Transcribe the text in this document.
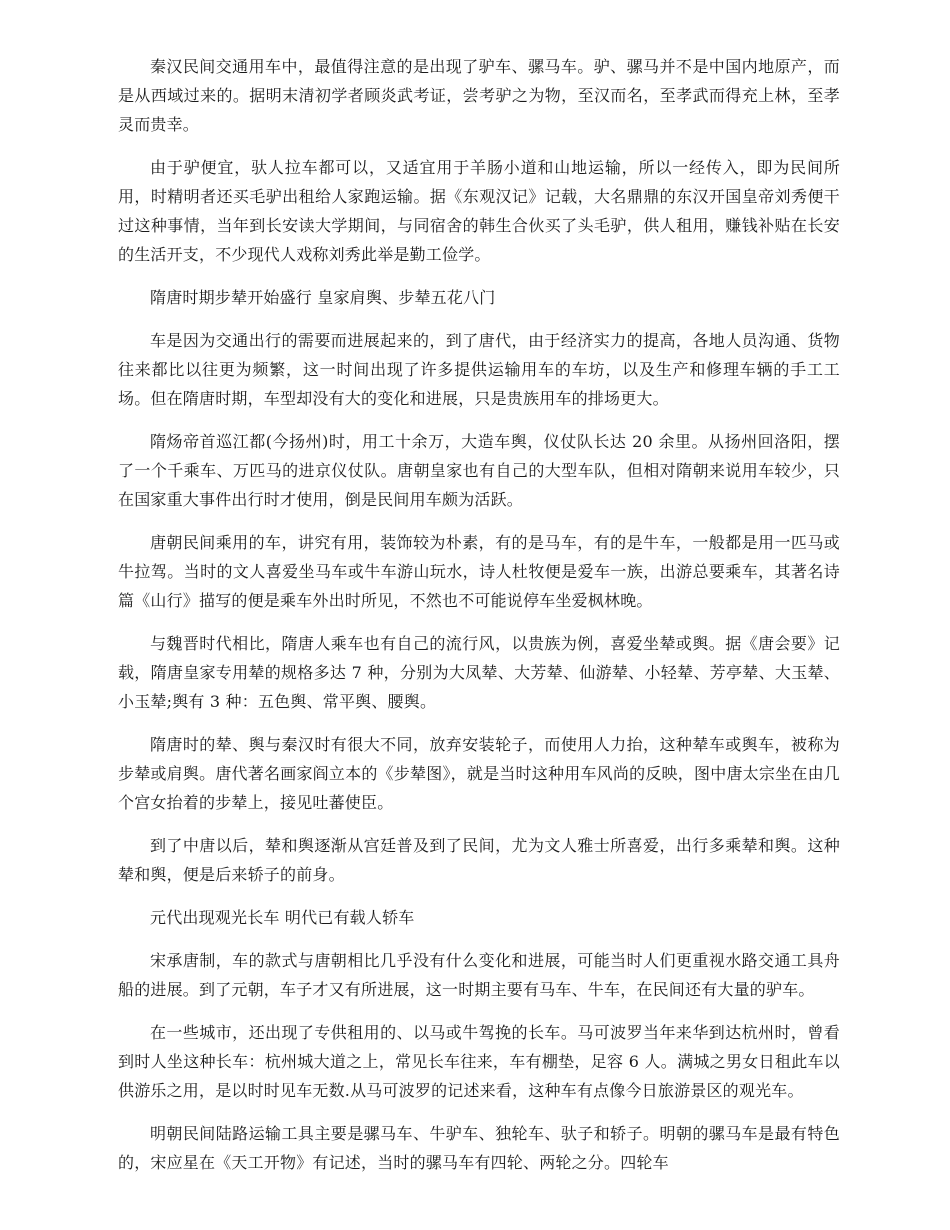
秦汉民间交通用车中，最值得注意的是出现了驴车、骡马车。驴、骡马并不是中国内地原产，而是从西域过来的。据明末清初学者顾炎武考证，尝考驴之为物，至汉而名，至孝武而得充上林，至孝灵而贵幸。

由于驴便宜，驮人拉车都可以，又适宜用于羊肠小道和山地运输，所以一经传入，即为民间所用，时精明者还买毛驴出租给人家跑运输。据《东观汉记》记载，大名鼎鼎的东汉开国皇帝刘秀便干过这种事情，当年到长安读大学期间，与同宿舍的韩生合伙买了头毛驴，供人租用，赚钱补贴在长安的生活开支，不少现代人戏称刘秀此举是勤工俭学。

隋唐时期步辇开始盛行 皇家肩舆、步辇五花八门

车是因为交通出行的需要而进展起来的，到了唐代，由于经济实力的提高，各地人员沟通、货物往来都比以往更为频繁，这一时间出现了许多提供运输用车的车坊，以及生产和修理车辆的手工工场。但在隋唐时期，车型却没有大的变化和进展，只是贵族用车的排场更大。

隋炀帝首巡江都(今扬州)时，用工十余万，大造车舆，仪仗队长达 20 余里。从扬州回洛阳，摆了一个千乘车、万匹马的进京仪仗队。唐朝皇家也有自己的大型车队，但相对隋朝来说用车较少，只在国家重大事件出行时才使用，倒是民间用车颇为活跃。

唐朝民间乘用的车，讲究有用，装饰较为朴素，有的是马车，有的是牛车，一般都是用一匹马或牛拉驾。当时的文人喜爱坐马车或牛车游山玩水，诗人杜牧便是爱车一族，出游总要乘车，其著名诗篇《山行》描写的便是乘车外出时所见，不然也不可能说停车坐爱枫林晚。

与魏晋时代相比，隋唐人乘车也有自己的流行风，以贵族为例，喜爱坐辇或舆。据《唐会要》记载，隋唐皇家专用辇的规格多达 7 种，分别为大凤辇、大芳辇、仙游辇、小轻辇、芳亭辇、大玉辇、小玉辇;舆有 3 种：五色舆、常平舆、腰舆。

隋唐时的辇、舆与秦汉时有很大不同，放弃安装轮子，而使用人力抬，这种辇车或舆车，被称为步辇或肩舆。唐代著名画家阎立本的《步辇图》，就是当时这种用车风尚的反映，图中唐太宗坐在由几个宫女抬着的步辇上，接见吐蕃使臣。

到了中唐以后，辇和舆逐渐从宫廷普及到了民间，尤为文人雅士所喜爱，出行多乘辇和舆。这种辇和舆，便是后来轿子的前身。

元代出现观光长车 明代已有载人轿车

宋承唐制，车的款式与唐朝相比几乎没有什么变化和进展，可能当时人们更重视水路交通工具舟船的进展。到了元朝，车子才又有所进展，这一时期主要有马车、牛车，在民间还有大量的驴车。

在一些城市，还出现了专供租用的、以马或牛驾挽的长车。马可波罗当年来华到达杭州时，曾看到时人坐这种长车：杭州城大道之上，常见长车往来，车有棚垫，足容 6 人。满城之男女日租此车以供游乐之用，是以时时见车无数.从马可波罗的记述来看，这种车有点像今日旅游景区的观光车。

明朝民间陆路运输工具主要是骡马车、牛驴车、独轮车、驮子和轿子。明朝的骡马车是最有特色的，宋应星在《天工开物》有记述，当时的骡马车有四轮、两轮之分。四轮车
